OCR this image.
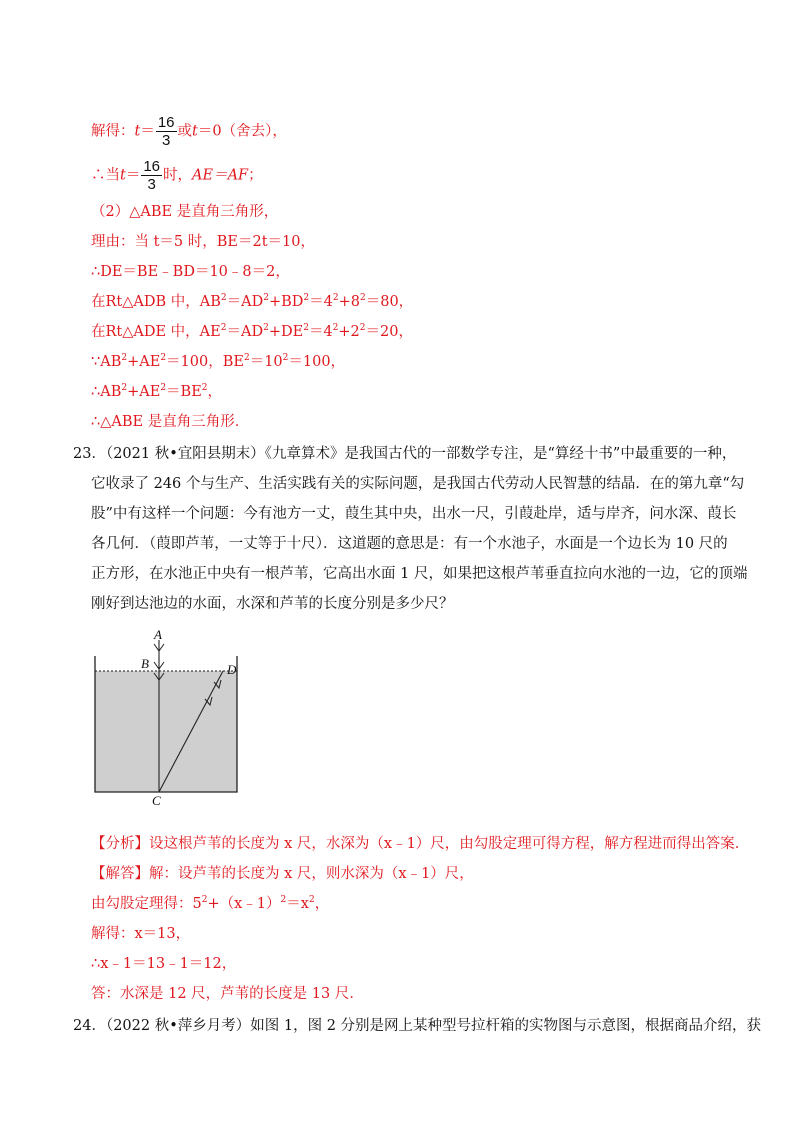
解得：$t= \frac{16}{3}$ 或t＝0（舍去），
∴当$t= \frac{16}{3}$ 时，AE＝AF；
（2）△ABE 是直角三角形，
理由：当 t＝5 时，BE＝2t＝10，
∴DE＝BE﹣BD＝10﹣8＝2，
在Rt△ADB 中，$AB^2=AD^2+BD^2=4^2+8^2=80$，
在Rt△ADE 中，$AE^2=AD^2+DE^2=4^2+2^2=20$，
$\because AB^2+AE^2=100$，$BE^2=10^2=100$，
$\therefore AB^2+AE^2=BE^2$，
∴△ABE 是直角三角形．
23．（2021 秋•宜阳县期末）《九章算术》是我国古代的一部数学专注，是“算经十书”中最重要的一种，
它收录了 246 个与生产、生活实践有关的实际问题，是我国古代劳动人民智慧的结晶．在的第九章“勾
股”中有这样一个问题：今有池方一丈，葭生其中央，出水一尺，引葭赴岸，适与岸齐，问水深、葭长
各几何．（葭即芦苇，一丈等于十尺）．这道题的意思是：有一个水池子，水面是一个边长为 10 尺的
正方形，在水池正中央有一根芦苇，它高出水面 1 尺，如果把这根芦苇垂直拉向水池的一边，它的顶端
刚好到达池边的水面，水深和芦苇的长度分别是多少尺？
A
B
C
D
【分析】设这根芦苇的长度为 x 尺，水深为（x﹣1）尺，由勾股定理可得方程，解方程进而得出答案．
【解答】解：设芦苇的长度为 x 尺，则水深为（x﹣1）尺，
由勾股定理得：$5^2+(x﹣1)^2=x^2$，
解得：x＝13，
∴x﹣1＝13﹣1＝12，
答：水深是 12 尺，芦苇的长度是 13 尺．
24．（2022 秋•萍乡月考）如图 1，图 2 分别是网上某种型号拉杆箱的实物图与示意图，根据商品介绍，获
